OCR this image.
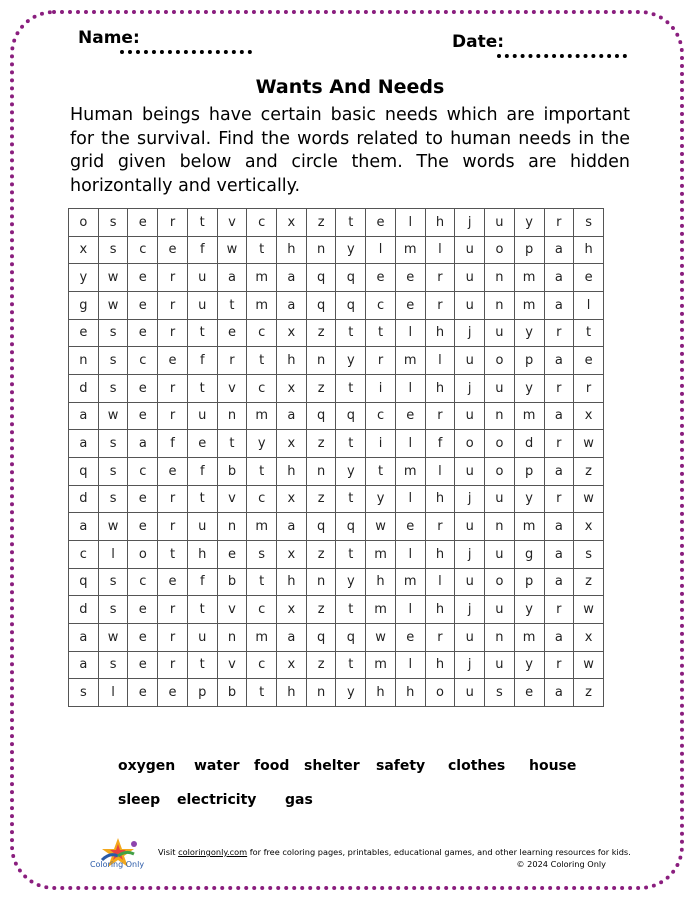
Name:	Date:
Wants And Needs
Human beings have certain basic needs which are important for the survival. Find the words related to human needs in the grid given below and circle them. The words are hidden horizontally and vertically.
o	s	e	r	t	v	c	x	z	t	e	l	h	j	u	y	r	s
x	s	c	e	f	w	t	h	n	y	l	m	l	u	o	p	a	h
y	w	e	r	u	a	m	a	q	q	e	e	r	u	n	m	a	e
g	w	e	r	u	t	m	a	q	q	c	e	r	u	n	m	a	l
e	s	e	r	t	e	c	x	z	t	t	l	h	j	u	y	r	t
n	s	c	e	f	r	t	h	n	y	r	m	l	u	o	p	a	e
d	s	e	r	t	v	c	x	z	t	i	l	h	j	u	y	r	r
a	w	e	r	u	n	m	a	q	q	c	e	r	u	n	m	a	x
a	s	a	f	e	t	y	x	z	t	i	l	f	o	o	d	r	w
q	s	c	e	f	b	t	h	n	y	t	m	l	u	o	p	a	z
d	s	e	r	t	v	c	x	z	t	y	l	h	j	u	y	r	w
a	w	e	r	u	n	m	a	q	q	w	e	r	u	n	m	a	x
c	l	o	t	h	e	s	x	z	t	m	l	h	j	u	g	a	s
q	s	c	e	f	b	t	h	n	y	h	m	l	u	o	p	a	z
d	s	e	r	t	v	c	x	z	t	m	l	h	j	u	y	r	w
a	w	e	r	u	n	m	a	q	q	w	e	r	u	n	m	a	x
a	s	e	r	t	v	c	x	z	t	m	l	h	j	u	y	r	w
s	l	e	e	p	b	t	h	n	y	h	h	o	u	s	e	a	z
oxygen water food shelter safety clothes house
sleep electricity gas
Coloring Only
Visit coloringonly.com for free coloring pages, printables, educational games, and other learning resources for kids.
© 2024 Coloring Only
